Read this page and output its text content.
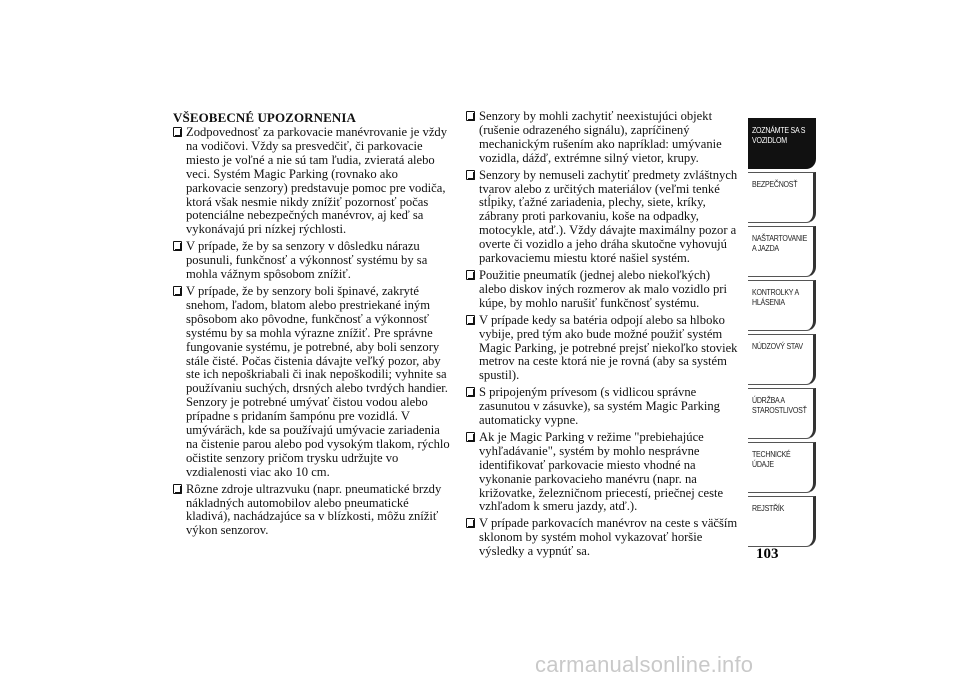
VŠEOBECNÉ UPOZORNENIA
Zodpovednosť za parkovacie manévrovanie je vždy na vodičovi. Vždy sa presvedčiť, či parkovacie miesto je voľné a nie sú tam ľudia, zvieratá alebo veci. Systém Magic Parking (rovnako ako parkovacie senzory) predstavuje pomoc pre vodiča, ktorá však nesmie nikdy znížiť pozornosť počas potenciálne nebezpečných manévrov, aj keď sa vykonávajú pri nízkej rýchlosti.
V prípade, že by sa senzory v dôsledku nárazu posunuli, funkčnosť a výkonnosť systému by sa mohla vážnym spôsobom znížiť.
V prípade, že by senzory boli špinavé, zakryté snehom, ľadom, blatom alebo prestriekané iným spôsobom ako pôvodne, funkčnosť a výkonnosť systému by sa mohla výrazne znížiť. Pre správne fungovanie systému, je potrebné, aby boli senzory stále čisté. Počas čistenia dávajte veľký pozor, aby ste ich nepoškriabali či inak nepoškodili; vyhnite sa používaniu suchých, drsných alebo tvrdých handier. Senzory je potrebné umývať čistou vodou alebo prípadne s pridaním šampónu pre vozidlá. V umýváräch, kde sa používajú umývacie zariadenia na čistenie parou alebo pod vysokým tlakom, rýchlo očistite senzory pričom trysku udržujte vo vzdialenosti viac ako 10 cm.
Rôzne zdroje ultrazvuku (napr. pneumatické brzdy nákladných automobilov alebo pneumatické kladivá), nachádzajúce sa v blízkosti, môžu znížiť výkon senzorov.
Senzory by mohli zachytiť neexistujúci objekt (rušenie odrazeného signálu), zapríčinený mechanickým rušením ako napríklad: umývanie vozidla, dážď, extrémne silný vietor, krupy.
Senzory by nemuseli zachytiť predmety zvláštnych tvarov alebo z určitých materiálov (veľmi tenké stĺpiky, ťažné zariadenia, plechy, siete, kríky, zábrany proti parkovaniu, koše na odpadky, motocykle, atď.). Vždy dávajte maximálny pozor a overte či vozidlo a jeho dráha skutočne vyhovujú parkovaciemu miestu ktoré našiel systém.
Použitie pneumatík (jednej alebo niekoľkých) alebo diskov iných rozmerov ak malo vozidlo pri kúpe, by mohlo narušiť funkčnosť systému.
V prípade kedy sa batéria odpojí alebo sa hlboko vybije, pred tým ako bude možné použiť systém Magic Parking, je potrebné prejsť niekoľko stoviek metrov na ceste ktorá nie je rovná (aby sa systém spustil).
S pripojeným prívesom (s vidlicou správne zasunutou v zásuvke), sa systém Magic Parking automaticky vypne.
Ak je Magic Parking v režime "prebiehajúce vyhľadávanie", systém by mohlo nesprávne identifikovať parkovacie miesto vhodné na vykonanie parkovacieho manévru (napr. na križovatke, železničnom priecestí, priečnej ceste vzhľadom k smeru jazdy, atď.).
V prípade parkovacích manévrov na ceste s väčším sklonom by systém mohol vykazovať horšie výsledky a vypnúť sa.
ZOZNÁMTE SA S
VOZIDLOM
BEZPEČNOSŤ
NAŠTARTOVANIE
A JAZDA
KONTROLKY A
HLÁSENIA
NÚDZOVÝ STAV
ÚDRŽBA A
STAROSTLIVOSŤ
TECHNICKÉ
ÚDAJE
REJSTŘÍK
103
carmanualsonline.info
